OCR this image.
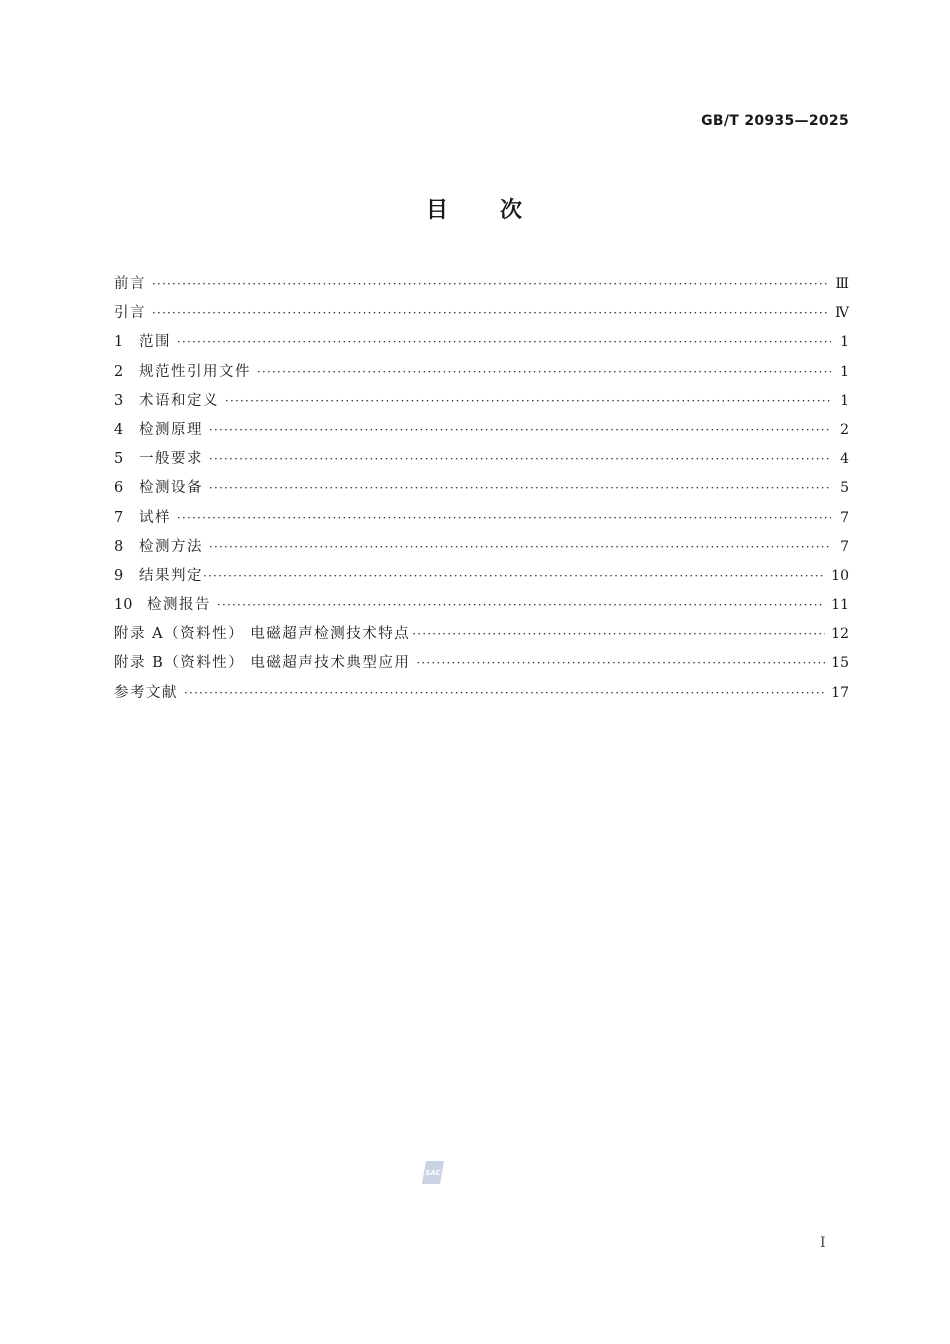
GB/T 20935—2025
目 次
前言 ·····	Ⅲ
引言 ·····	Ⅳ
1	范围 ·····	1
2	规范性引用文件 ·····	1
3	术语和定义 ·····	1
4	检测原理 ·····	2
5	一般要求 ·····	4
6	检测设备 ·····	5
7	试样 ·····	7
8	检测方法 ·····	7
9	结果判定 ·····	10
10	检测报告 ·····	11
附录 A（资料性） 电磁超声检测技术特点 ·····	12
附录 B（资料性） 电磁超声技术典型应用 ·····	15
参考文献 ·····	17
SAC
Ⅰ
